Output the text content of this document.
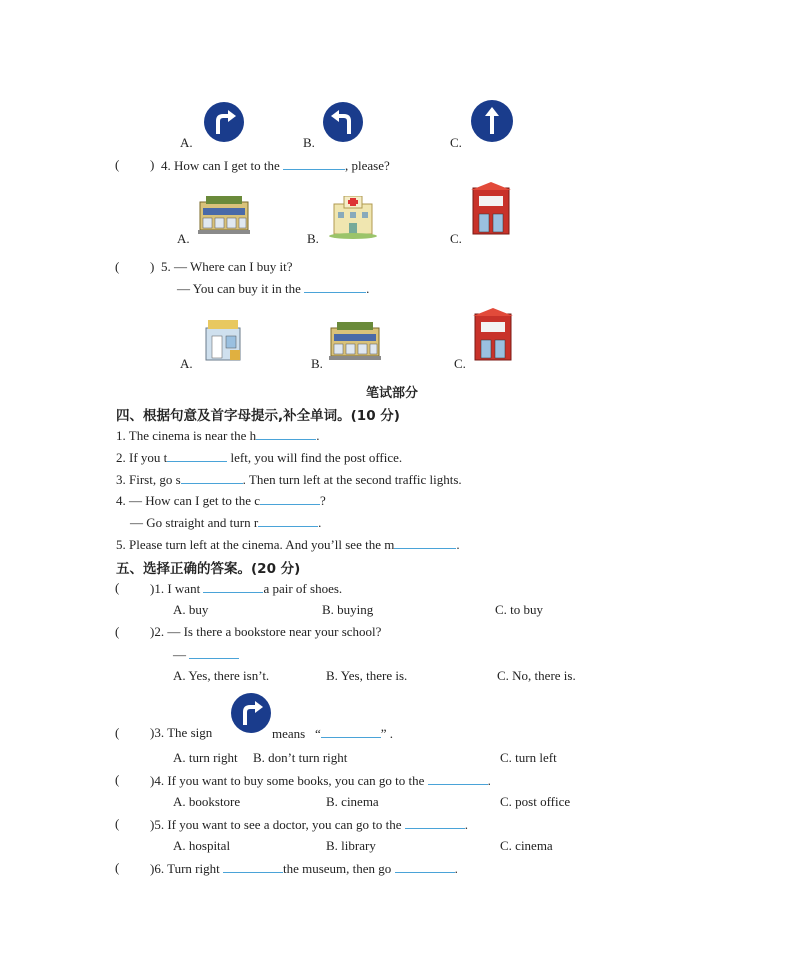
A.	B.	C.
( ) 4. How can I get to the	, please?
A.	B.	C.
( ) 5. — Where can I buy it?
— You can buy it in the	.
A.	B.	C.
笔试部分
四、根据句意及首字母提示,补全单词。(10 分)
1. The cinema is near the h	.
2. If you t	left, you will find the post office.
3. First, go s	. Then turn left at the second traffic lights.
4. — How can I get to the c	?
— Go straight and turn r	.
5. Please turn left at the cinema. And you’ll see the m	.
五、选择正确的答案。(20 分)
( )1. I want	a pair of shoes.
A. buy	B. buying	C. to buy
( )2. — Is there a bookstore near your school?
—
A. Yes, there isn’t.	B. Yes, there is.	C. No, there is.
( )3. The sign	means “	” .
A. turn right B. don’t turn right	C. turn left
( )4. If you want to buy some books, you can go to the	.
A. bookstore	B. cinema	C. post office
( )5. If you want to see a doctor, you can go to the	.
A. hospital	B. library	C. cinema
( )6. Turn right	the museum, then go	.
